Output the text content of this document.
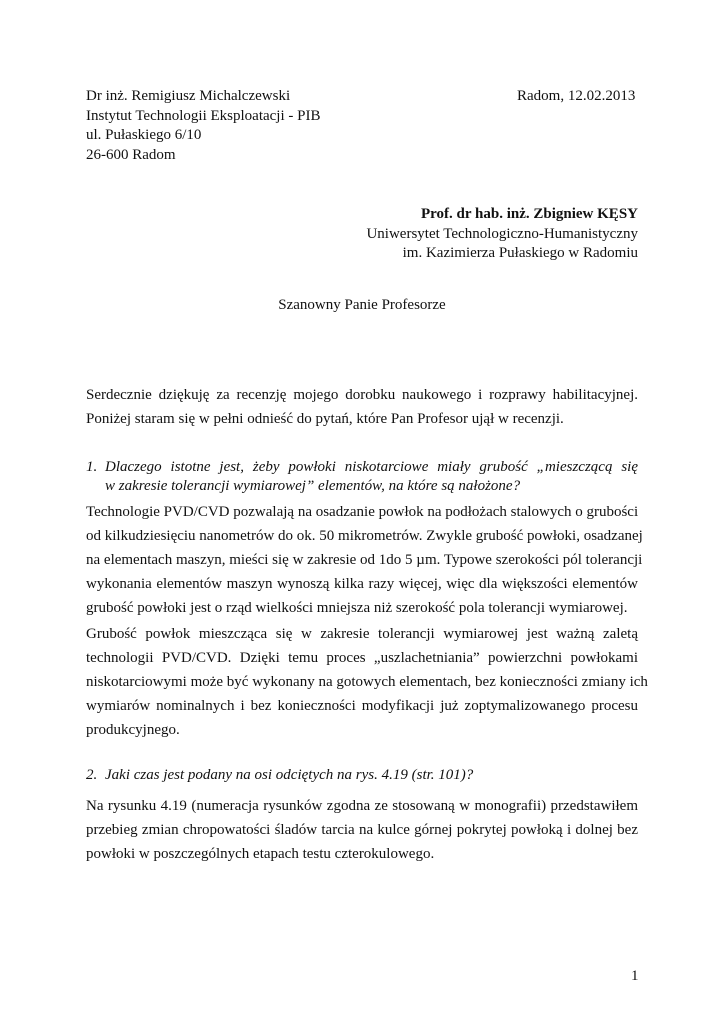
Dr inż. Remigiusz Michalczewski
Instytut Technologii Eksploatacji - PIB
ul. Pułaskiego 6/10
26-600 Radom
Radom, 12.02.2013
Prof. dr hab. inż. Zbigniew KĘSY
Uniwersytet Technologiczno-Humanistyczny
im. Kazimierza Pułaskiego w Radomiu
Szanowny Panie Profesorze
Serdecznie dziękuję za recenzję mojego dorobku naukowego i rozprawy habilitacyjnej.
Poniżej staram się w pełni odnieść do pytań, które Pan Profesor ujął w recenzji.
1. Dlaczego istotne jest, żeby powłoki niskotarciowe miały grubość „mieszczącą się
w zakresie tolerancji wymiarowej” elementów, na które są nałożone?
Technologie PVD/CVD pozwalają na osadzanie powłok na podłożach stalowych o grubości
od kilkudziesięciu nanometrów do ok. 50 mikrometrów. Zwykle grubość powłoki, osadzanej
na elementach maszyn, mieści się w zakresie od 1do 5 µm. Typowe szerokości pól tolerancji
wykonania elementów maszyn wynoszą kilka razy więcej, więc dla większości elementów
grubość powłoki jest o rząd wielkości mniejsza niż szerokość pola tolerancji wymiarowej.
Grubość powłok mieszcząca się w zakresie tolerancji wymiarowej jest ważną zaletą
technologii PVD/CVD. Dzięki temu proces „uszlachetniania” powierzchni powłokami
niskotarciowymi może być wykonany na gotowych elementach, bez konieczności zmiany ich
wymiarów nominalnych i bez konieczności modyfikacji już zoptymalizowanego procesu
produkcyjnego.
2. Jaki czas jest podany na osi odciętych na rys. 4.19 (str. 101)?
Na rysunku 4.19 (numeracja rysunków zgodna ze stosowaną w monografii) przedstawiłem
przebieg zmian chropowatości śladów tarcia na kulce górnej pokrytej powłoką i dolnej bez
powłoki w poszczególnych etapach testu czterokulowego.
1
